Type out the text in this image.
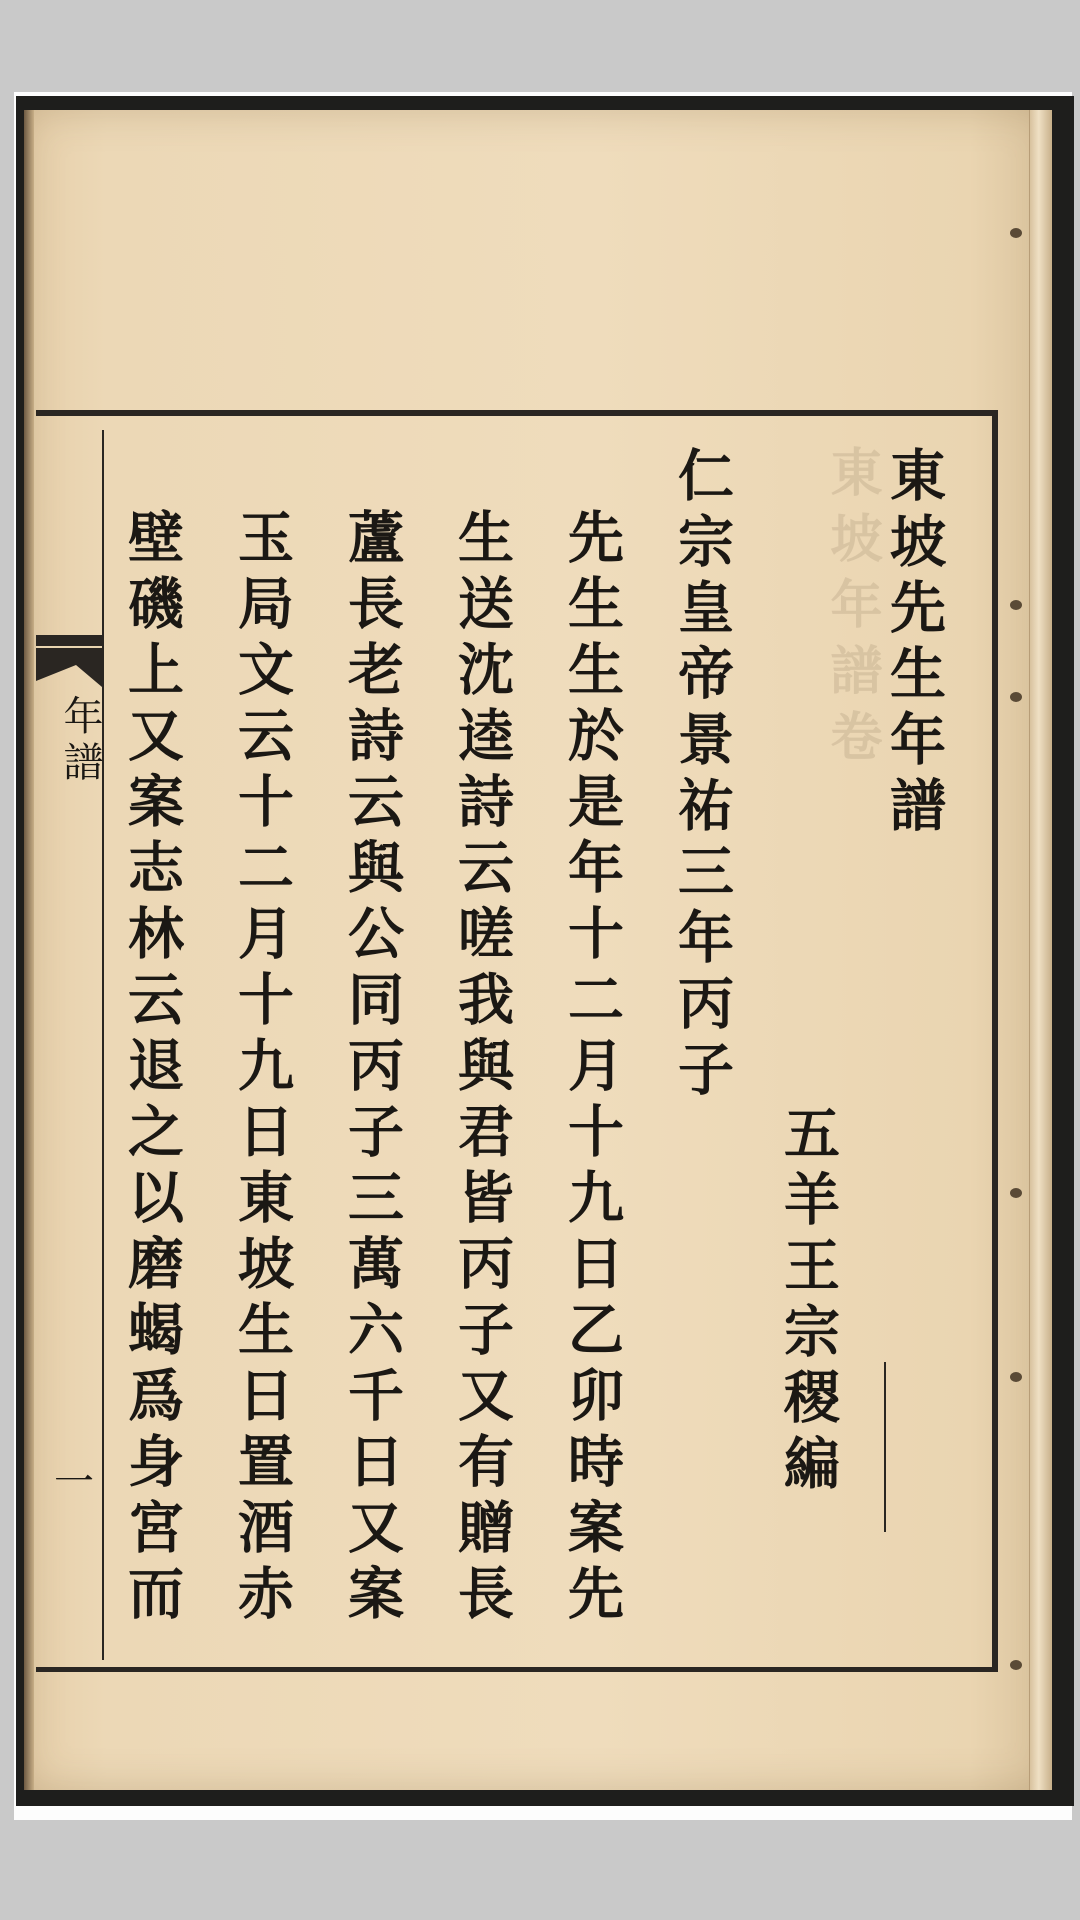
年譜
一
東坡年譜卷 東坡先生年譜
五羊王宗稷編
仁宗皇帝景祐三年丙子
先生生於是年十二月十九日乙卯時案先
生送沈逵詩云嗟我與君皆丙子又有贈長
蘆長老詩云與公同丙子三萬六千日又案
玉局文云十二月十九日東坡生日置酒赤
壁磯上又案志林云退之以磨蝎爲身宮而
